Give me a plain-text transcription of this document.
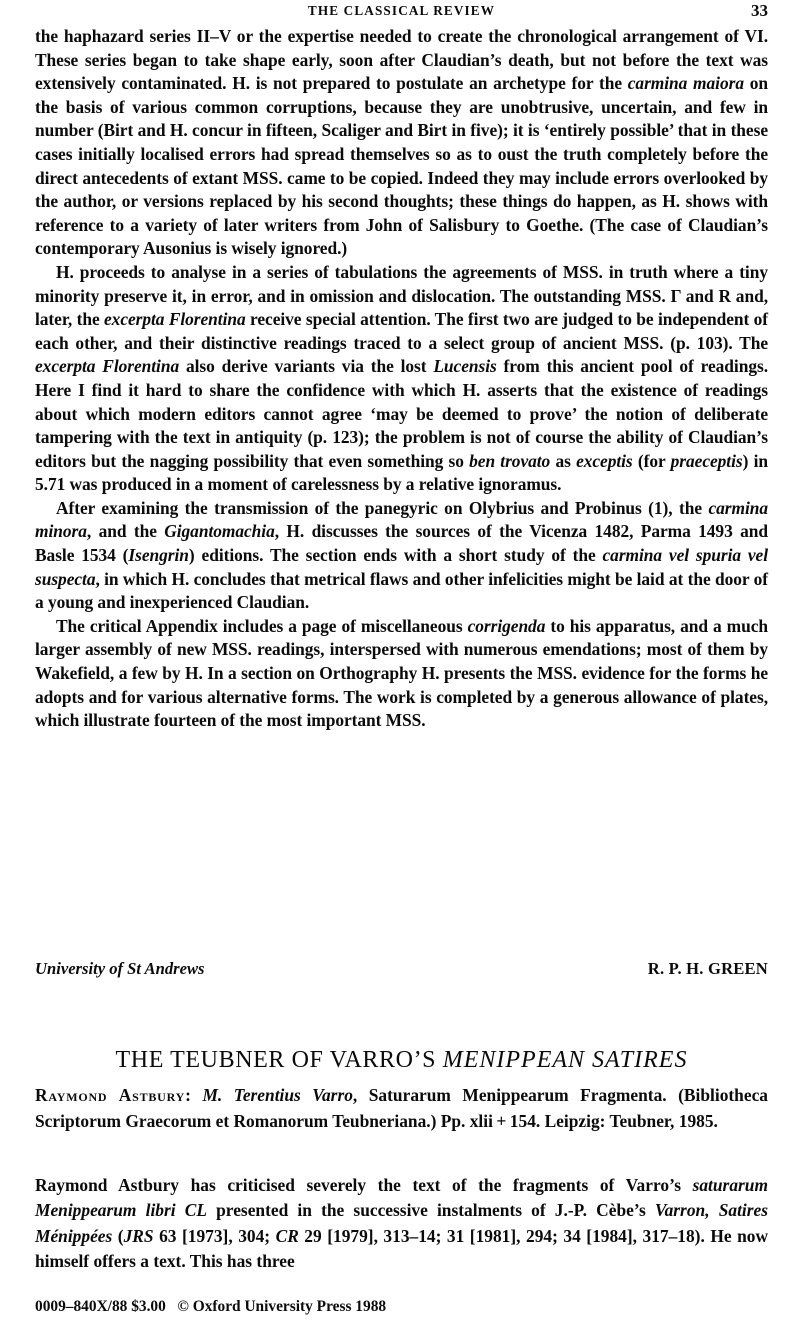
THE CLASSICAL REVIEW	33

the haphazard series II–V or the expertise needed to create the chronological arrangement of VI. These series began to take shape early, soon after Claudian’s death, but not before the text was extensively contaminated. H. is not prepared to postulate an archetype for the carmina maiora on the basis of various common corruptions, because they are unobtrusive, uncertain, and few in number (Birt and H. concur in fifteen, Scaliger and Birt in five); it is ‘entirely possible’ that in these cases initially localised errors had spread themselves so as to oust the truth completely before the direct antecedents of extant MSS. came to be copied. Indeed they may include errors overlooked by the author, or versions replaced by his second thoughts; these things do happen, as H. shows with reference to a variety of later writers from John of Salisbury to Goethe. (The case of Claudian’s contemporary Ausonius is wisely ignored.)

H. proceeds to analyse in a series of tabulations the agreements of MSS. in truth where a tiny minority preserve it, in error, and in omission and dislocation. The outstanding MSS. Γ and R and, later, the excerpta Florentina receive special attention. The first two are judged to be independent of each other, and their distinctive readings traced to a select group of ancient MSS. (p. 103). The excerpta Florentina also derive variants via the lost Lucensis from this ancient pool of readings. Here I find it hard to share the confidence with which H. asserts that the existence of readings about which modern editors cannot agree ‘may be deemed to prove’ the notion of deliberate tampering with the text in antiquity (p. 123); the problem is not of course the ability of Claudian’s editors but the nagging possibility that even something so ben trovato as exceptis (for praeceptis) in 5.71 was produced in a moment of carelessness by a relative ignoramus.

After examining the transmission of the panegyric on Olybrius and Probinus (1), the carmina minora, and the Gigantomachia, H. discusses the sources of the Vicenza 1482, Parma 1493 and Basle 1534 (Isengrin) editions. The section ends with a short study of the carmina vel spuria vel suspecta, in which H. concludes that metrical flaws and other infelicities might be laid at the door of a young and inexperienced Claudian.

The critical Appendix includes a page of miscellaneous corrigenda to his apparatus, and a much larger assembly of new MSS. readings, interspersed with numerous emendations; most of them by Wakefield, a few by H. In a section on Orthography H. presents the MSS. evidence for the forms he adopts and for various alternative forms. The work is completed by a generous allowance of plates, which illustrate fourteen of the most important MSS.

University of St Andrews	R. P. H. GREEN
THE TEUBNER OF VARRO’S MENIPPEAN SATIRES

Raymond Astbury: M. Terentius Varro, Saturarum Menippearum Fragmenta. (Bibliotheca Scriptorum Graecorum et Romanorum Teubneriana.) Pp. xlii + 154. Leipzig: Teubner, 1985.

Raymond Astbury has criticised severely the text of the fragments of Varro’s saturarum Menippearum libri CL presented in the successive instalments of J.-P. Cèbe’s Varron, Satires Ménippées (JRS 63 [1973], 304; CR 29 [1979], 313–14; 31 [1981], 294; 34 [1984], 317–18). He now himself offers a text. This has three

0009–840X/88 $3.00 © Oxford University Press 1988
